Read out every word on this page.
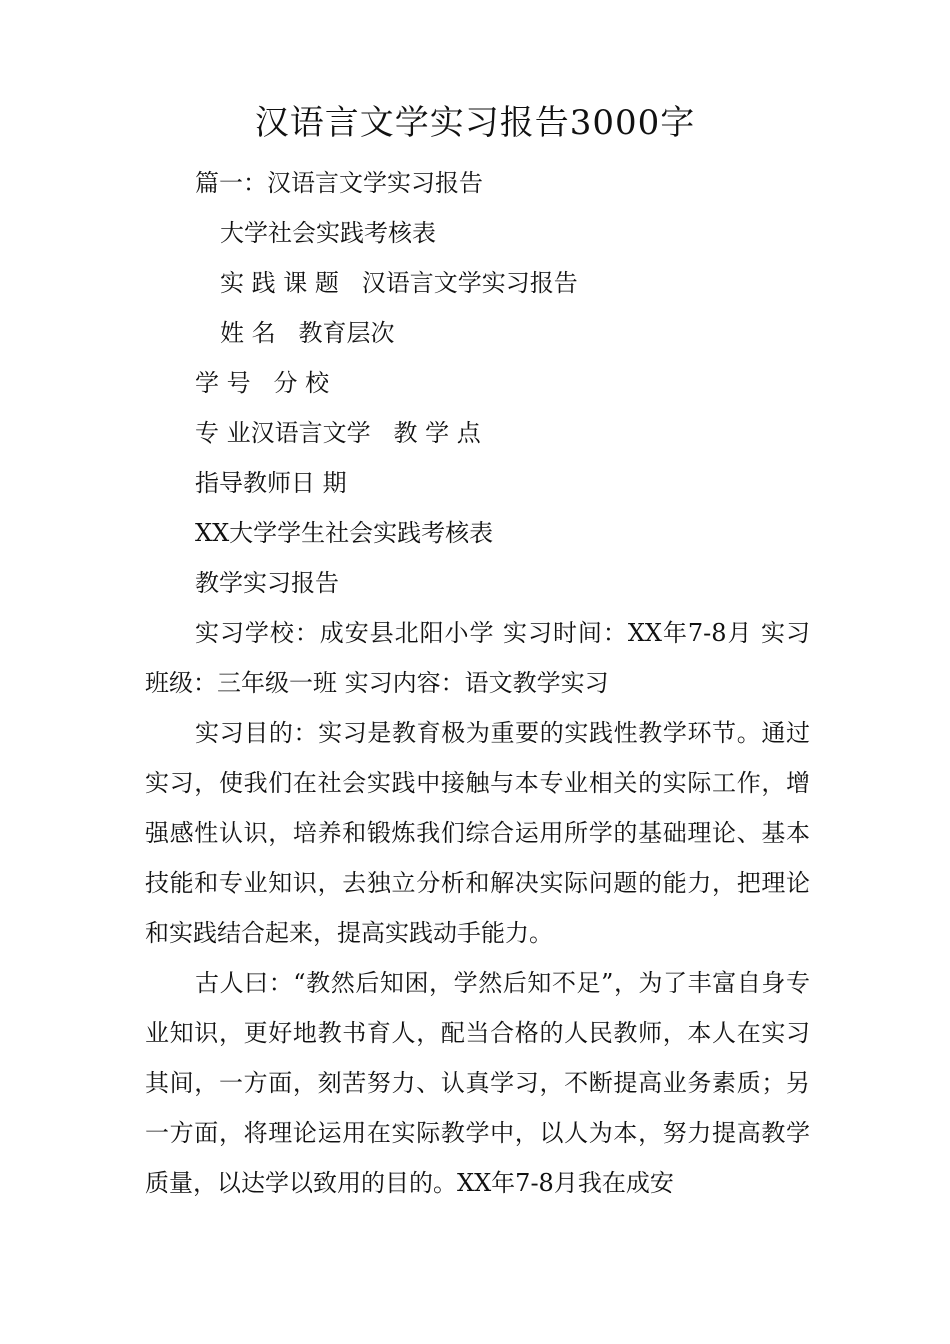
汉语言文学实习报告3000字
篇一：汉语言文学实习报告
大学社会实践考核表
实 践 课 题   汉语言文学实习报告
姓 名   教育层次
学 号   分 校
专 业汉语言文学   教 学 点
指导教师日 期
XX大学学生社会实践考核表
教学实习报告

实习学校：成安县北阳小学 实习时间：XX年7-8月 实习班级：三年级一班 实习内容：语文教学实习

实习目的：实习是教育极为重要的实践性教学环节。通过实习，使我们在社会实践中接触与本专业相关的实际工作，增强感性认识，培养和锻炼我们综合运用所学的基础理论、基本技能和专业知识，去独立分析和解决实际问题的能力，把理论和实践结合起来，提高实践动手能力。

古人曰：“教然后知困，学然后知不足”，为了丰富自身专业知识，更好地教书育人，配当合格的人民教师，本人在实习其间，一方面，刻苦努力、认真学习，不断提高业务素质；另一方面，将理论运用在实际教学中，以人为本，努力提高教学质量，以达学以致用的目的。XX年7-8月我在成安
